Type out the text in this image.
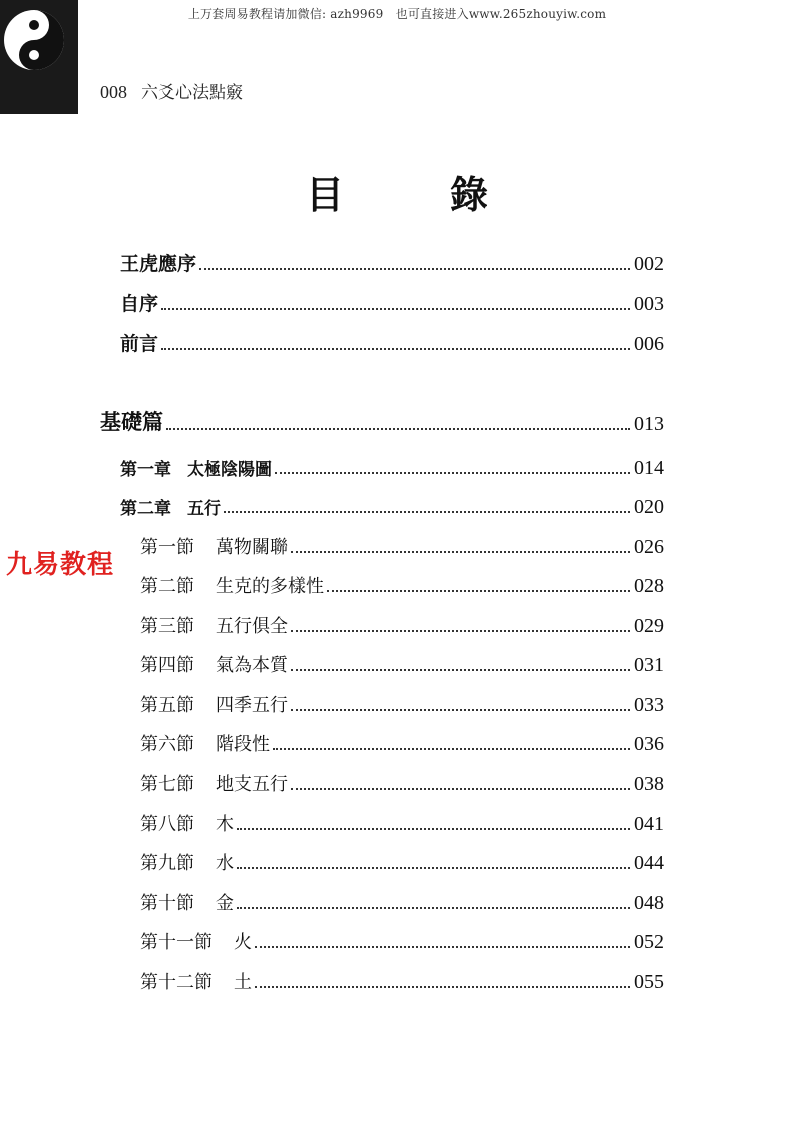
上万套周易教程请加微信: azh9969　也可直接进入www.265zhouyiw.com
008 六爻心法點竅
目　錄
王虎應序	002
自序	003
前言	006
基礎篇	013
第一章 太極陰陽圖	014
第二章 五行	020
第一節 萬物關聯	026
第二節 生克的多樣性	028
第三節 五行俱全	029
第四節 氣為本質	031
第五節 四季五行	033
第六節 階段性	036
第七節 地支五行	038
第八節 木	041
第九節 水	044
第十節 金	048
第十一節 火	052
第十二節 土	055
九易教程
